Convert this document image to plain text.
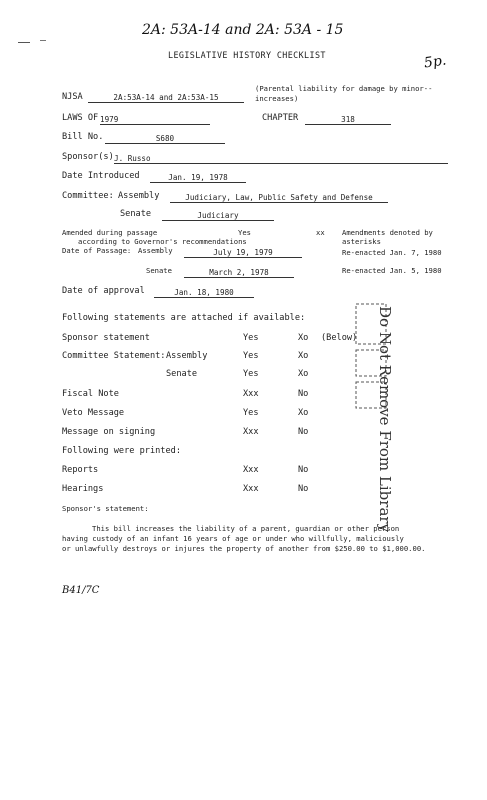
2A: 53A-14 and 2A: 53A - 15
5p.
LEGISLATIVE HISTORY CHECKLIST
NJSA	2A:53A-14 and 2A:53A-15
(Parental liability for damage by minor--increases)
LAWS OF 1979	CHAPTER	318
Bill No.	S680
Sponsor(s) J. Russo
Date Introduced	Jan. 19, 1978
Committee: Assembly	Judiciary, Law, Public Safety and Defense
Senate	Judiciary
Amended during passage
according to Governor's recommendations
Yes	xx Amendments denoted by asterisks
Date of Passage: Assembly	July 19, 1979	Re-enacted Jan. 7, 1980
Senate	March 2, 1978	Re-enacted Jan. 5, 1980
Date of approval	Jan. 18, 1980
Following statements are attached if available:
Sponsor statement	Yes	Xo (Below)
Committee Statement: Assembly	Yes	Xo
Senate	Yes	Xo
Fiscal Note	Xxx	No
Veto Message	Yes	Xo
Message on signing	Xxx	No
Following were printed:
Reports	Xxx	No
Hearings	Xxx	No
Sponsor's statement:
This bill increases the liability of a parent, guardian or other person
having custody of an infant 16 years of age or under who willfully, maliciously
or unlawfully destroys or injures the property of another from $250.00 to $1,000.00.
B41/7C
Do Not Remove From Library
